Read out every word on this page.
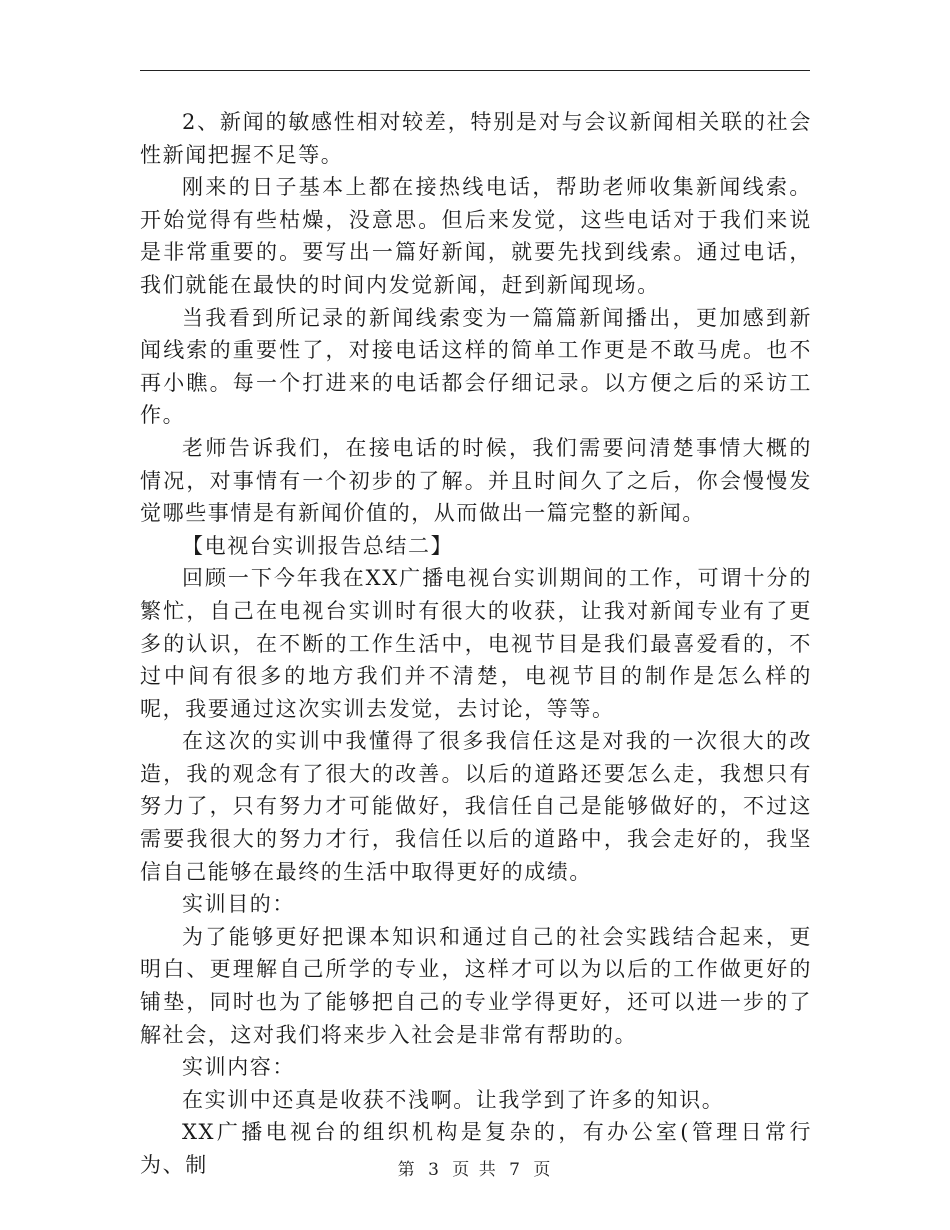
2、新闻的敏感性相对较差，特别是对与会议新闻相关联的社会性新闻把握不足等。

刚来的日子基本上都在接热线电话，帮助老师收集新闻线索。开始觉得有些枯燥，没意思。但后来发觉，这些电话对于我们来说是非常重要的。要写出一篇好新闻，就要先找到线索。通过电话，我们就能在最快的时间内发觉新闻，赶到新闻现场。

当我看到所记录的新闻线索变为一篇篇新闻播出，更加感到新闻线索的重要性了，对接电话这样的简单工作更是不敢马虎。也不再小瞧。每一个打进来的电话都会仔细记录。以方便之后的采访工作。

老师告诉我们，在接电话的时候，我们需要问清楚事情大概的情况，对事情有一个初步的了解。并且时间久了之后，你会慢慢发觉哪些事情是有新闻价值的，从而做出一篇完整的新闻。

【电视台实训报告总结二】

回顾一下今年我在XX广播电视台实训期间的工作，可谓十分的繁忙，自己在电视台实训时有很大的收获，让我对新闻专业有了更多的认识，在不断的工作生活中，电视节目是我们最喜爱看的，不过中间有很多的地方我们并不清楚，电视节目的制作是怎么样的呢，我要通过这次实训去发觉，去讨论，等等。

在这次的实训中我懂得了很多我信任这是对我的一次很大的改造，我的观念有了很大的改善。以后的道路还要怎么走，我想只有努力了，只有努力才可能做好，我信任自己是能够做好的，不过这需要我很大的努力才行，我信任以后的道路中，我会走好的，我坚信自己能够在最终的生活中取得更好的成绩。

实训目的：

为了能够更好把课本知识和通过自己的社会实践结合起来，更明白、更理解自己所学的专业，这样才可以为以后的工作做更好的铺垫，同时也为了能够把自己的专业学得更好，还可以进一步的了解社会，这对我们将来步入社会是非常有帮助的。

实训内容：

在实训中还真是收获不浅啊。让我学到了许多的知识。

XX广播电视台的组织机构是复杂的，有办公室(管理日常行为、制	第 3 页 共 7 页
